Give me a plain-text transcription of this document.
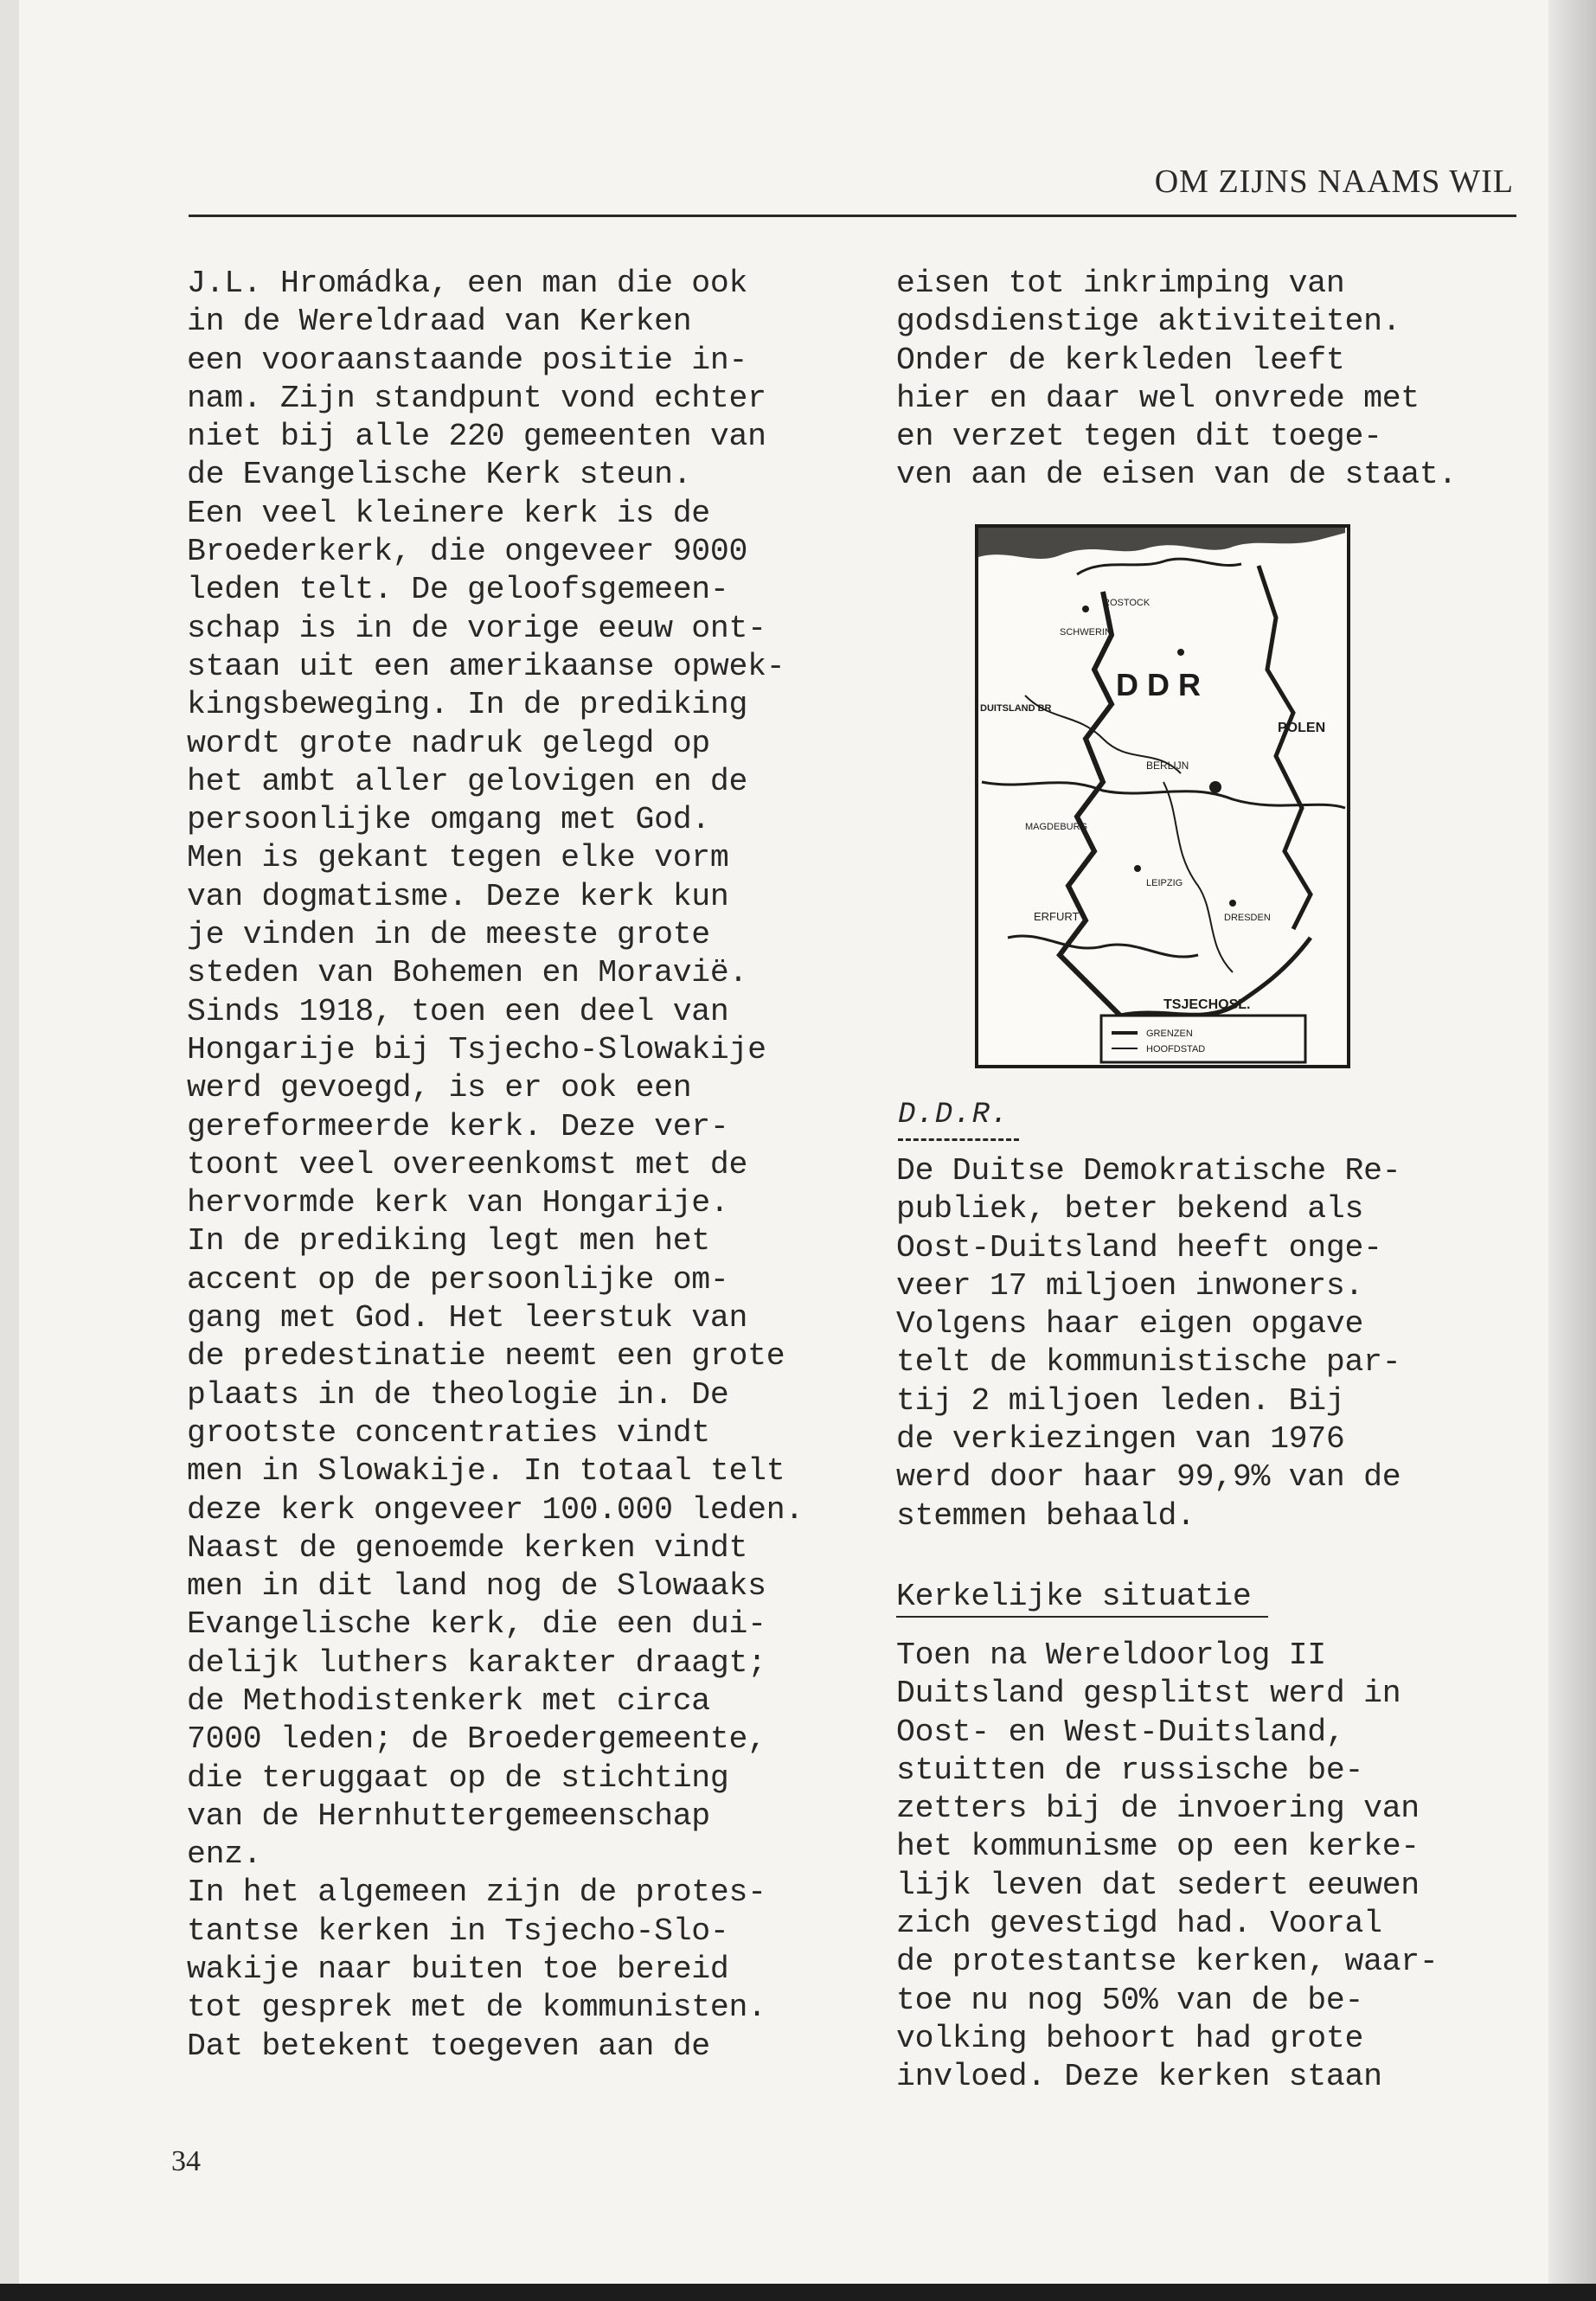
OM ZIJNS NAAMS WIL
J.L. Hromádka, een man die ook
in de Wereldraad van Kerken
een vooraanstaande positie in-
nam. Zijn standpunt vond echter
niet bij alle 220 gemeenten van
de Evangelische Kerk steun.
Een veel kleinere kerk is de
Broederkerk, die ongeveer 9000
leden telt. De geloofsgemeen-
schap is in de vorige eeuw ont-
staan uit een amerikaanse opwek-
kingsbeweging. In de prediking
wordt grote nadruk gelegd op
het ambt aller gelovigen en de
persoonlijke omgang met God.
Men is gekant tegen elke vorm
van dogmatisme. Deze kerk kun
je vinden in de meeste grote
steden van Bohemen en Moravië.
Sinds 1918, toen een deel van
Hongarije bij Tsjecho-Slowakije
werd gevoegd, is er ook een
gereformeerde kerk. Deze ver-
toont veel overeenkomst met de
hervormde kerk van Hongarije.
In de prediking legt men het
accent op de persoonlijke om-
gang met God. Het leerstuk van
de predestinatie neemt een grote
plaats in de theologie in. De
grootste concentraties vindt
men in Slowakije. In totaal telt
deze kerk ongeveer 100.000 leden.
Naast de genoemde kerken vindt
men in dit land nog de Slowaaks
Evangelische kerk, die een dui-
delijk luthers karakter draagt;
de Methodistenkerk met circa
7000 leden; de Broedergemeente,
die teruggaat op de stichting
van de Hernhuttergemeenschap
enz.
In het algemeen zijn de protes-
tantse kerken in Tsjecho-Slo-
wakije naar buiten toe bereid
tot gesprek met de kommunisten.
Dat betekent toegeven aan de
eisen tot inkrimping van
godsdienstige aktiviteiten.
Onder de kerkleden leeft
hier en daar wel onvrede met
en verzet tegen dit toege-
ven aan de eisen van de staat.
D D R
POLEN
DUITSLAND BR
BERLIJN
TSJECHOSL.
ROSTOCK
SCHWERIN
MAGDEBURG
ERFURT	DRESDEN
LEIPZIG
GRENZEN
HOOFDSTAD
D.D.R.
De Duitse Demokratische Re-
publiek, beter bekend als
Oost-Duitsland heeft onge-
veer 17 miljoen inwoners.
Volgens haar eigen opgave
telt de kommunistische par-
tij 2 miljoen leden. Bij
de verkiezingen van 1976
werd door haar 99,9% van de
stemmen behaald.
Kerkelijke situatie
Toen na Wereldoorlog II
Duitsland gesplitst werd in
Oost- en West-Duitsland,
stuitten de russische be-
zetters bij de invoering van
het kommunisme op een kerke-
lijk leven dat sedert eeuwen
zich gevestigd had. Vooral
de protestantse kerken, waar-
toe nu nog 50% van de be-
volking behoort had grote
invloed. Deze kerken staan
34
